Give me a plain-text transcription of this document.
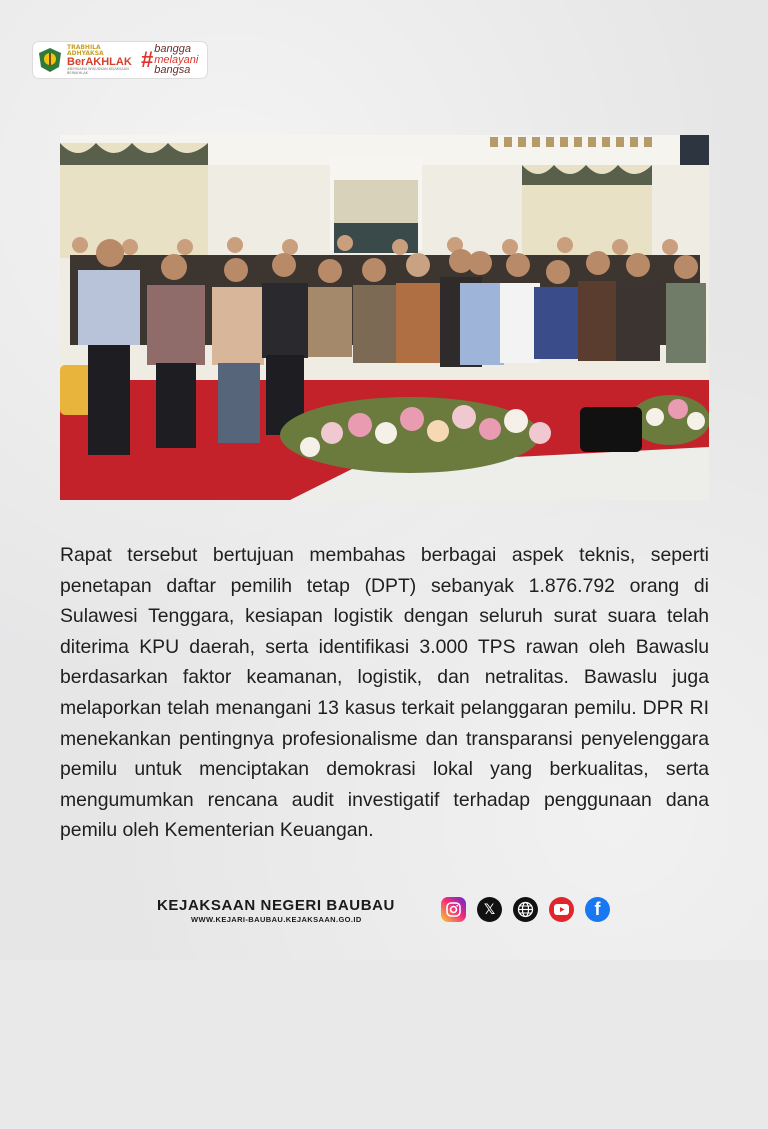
TRABHILA ADHYAKSA
BerAKHLAK
#BERSAMA WUJUDKAN KEJAKSAAN BERAKHLAK
# bangga
melayani
bangsa

Rapat tersebut bertujuan membahas berbagai aspek teknis, seperti penetapan daftar pemilih tetap (DPT) sebanyak 1.876.792 orang di Sulawesi Tenggara, kesiapan logistik dengan seluruh surat suara telah diterima KPU daerah, serta identifikasi 3.000 TPS rawan oleh Bawaslu berdasarkan faktor keamanan, logistik, dan netralitas. Bawaslu juga melaporkan telah menangani 13 kasus terkait pelanggaran pemilu. DPR RI menekankan pentingnya profesionalisme dan transparansi penyelenggara pemilu untuk menciptakan demokrasi lokal yang berkualitas, serta mengumumkan rencana audit investigatif terhadap penggunaan dana pemilu oleh Kementerian Keuangan.

KEJAKSAAN NEGERI BAUBAU

WWW.KEJARI-BAUBAU.KEJAKSAAN.GO.ID

𝕏	f
